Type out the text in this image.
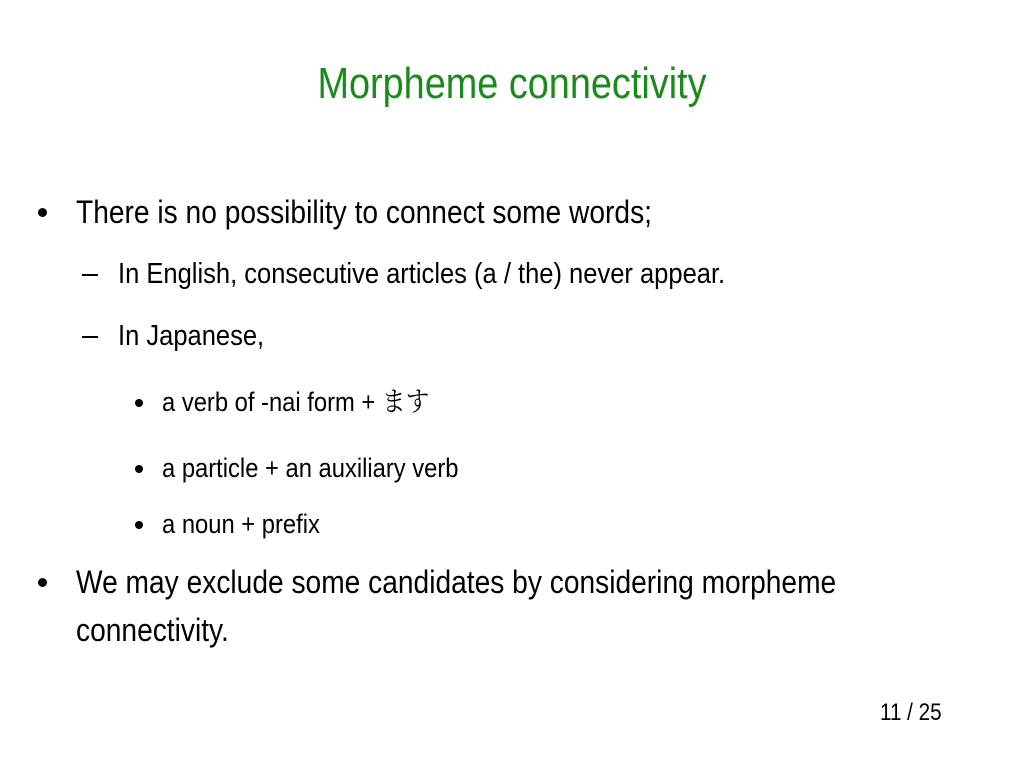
Morpheme connectivity
There is no possibility to connect some words;
In English, consecutive articles (a / the) never appear.
In Japanese,
a verb of -nai form + ます
a particle + an auxiliary verb
a noun + prefix
We may exclude some candidates by considering morpheme
connectivity.
11 / 25
